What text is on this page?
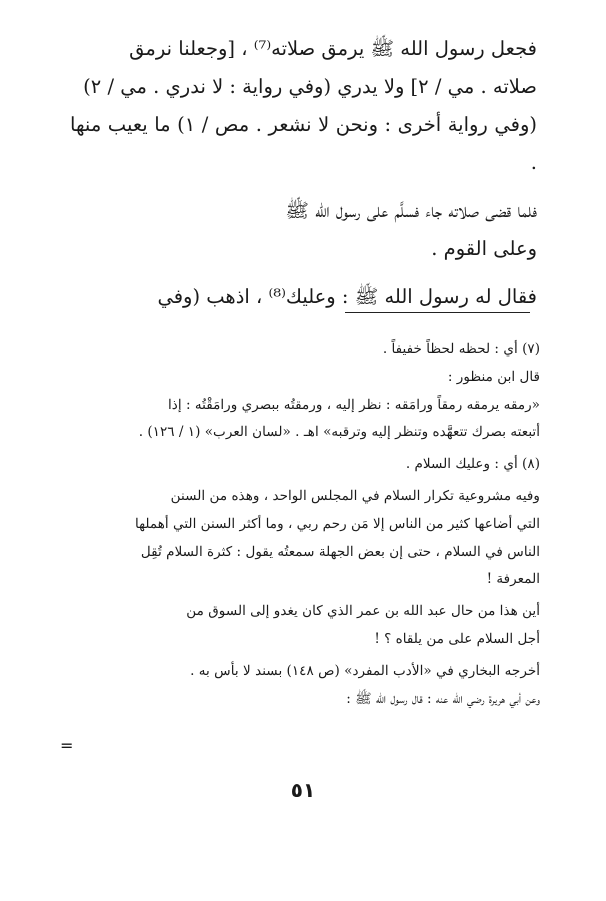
فجعل رسول الله ﷺ يرمق صلاته⁽⁷⁾ ، [وجعلنا نرمق

صلاته . مي / ٢] ولا يدري (وفي رواية : لا ندري . مي / ٢)

(وفي رواية أخرى : ونحن لا نشعر . مص / ١) ما يعيب منها .

فلما قضى صلاته جاء فسلَّم على رسول الله ﷺ

وعلى القوم .

فقال له رسول الله ﷺ : وعليك⁽⁸⁾ ، اذهب (وفي

(٧) أي : لحظه لحظاً خفيفاً .

قال ابن منظور :

«رمقه يرمقه رمقاً ورامَقه : نظر إليه ، ورمقتُه ببصري ورامَقْتُه : إذا

أتبعته بصرك تتعهَّده وتنظر إليه وترقبه» اهـ . «لسان العرب» (١ / ١٢٦) .

(٨) أي : وعليك السلام .

وفيه مشروعية تكرار السلام في المجلس الواحد ، وهذه من السنن

التي أضاعها كثير من الناس إلا مَن رحم ربي ، وما أكثر السنن التي أهملها

الناس في السلام ، حتى إن بعض الجهلة سمعتُه يقول : كثرة السلام تُقِل

المعرفة !

أين هذا من حال عبد الله بن عمر الذي كان يغدو إلى السوق من

أجل السلام على من يلقاه ؟ !

أخرجه البخاري في «الأدب المفرد» (ص ١٤٨) بسند لا بأس به .

وعن أبي هريرة رضي الله عنه : قال رسول الله ﷺ :

=
٥١
